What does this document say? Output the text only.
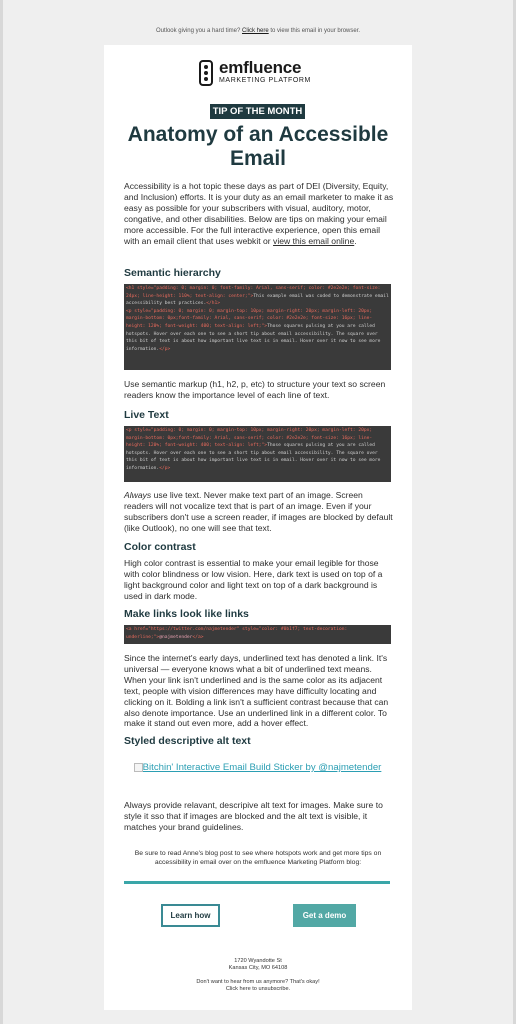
Outlook giving you a hard time? Click here to view this email in your browser.
emfluence
MARKETING PLATFORM
TIP OF THE MONTH
Anatomy of an Accessible Email

Accessibility is a hot topic these days as part of DEI (Diversity, Equity, and Inclusion) efforts. It is your duty as an email marketer to make it as easy as possible for your subscribers with visual, auditory, motor, congative, and other disabilities. Below are tips on making your email more accessible. For the full interactive experience, open this email with an email client that uses webkit or view this email online.

Semantic hierarchy
<h1 style="padding: 0; margin: 0; font-family: Arial, sans-serif; color: #2e2e2e; font-size: 24px; line-height: 110%; text-align: center;">This example email was coded to demonstrate email accessibility best practices.</h1>
<p style="padding: 0; margin: 0; margin-top: 10px; margin-right: 20px; margin-left: 20px; margin-bottom: 0px;font-family: Arial, sans-serif; color: #2e2e2e; font-size: 16px; line-height: 120%; font-weight: 400; text-align: left;">Those squares pulsing at you are called hotspots. Hover over each one to see a short tip about email accessibility. The square over this bit of text is about how important live text is in email. Hover over it now to see more information.</p>

Use semantic markup (h1, h2, p, etc) to structure your text so screen readers know the importance level of each line of text.

Live Text
<p style="padding: 0; margin: 0; margin-top: 10px; margin-right: 20px; margin-left: 20px; margin-bottom: 0px;font-family: Arial, sans-serif; color: #2e2e2e; font-size: 16px; line-height: 120%; font-weight: 400; text-align: left;">Those squares pulsing at you are called hotspots. Hover over each one to see a short tip about email accessibility. The square over this bit of text is about how important live text is in email. Hover over it now to see more information.</p>

Always use live text. Never make text part of an image. Screen readers will not vocalize text that is part of an image. Even if your subscribers don't use a screen reader, if images are blocked by default (like Outlook), no one will see that text.

Color contrast

High color contrast is essential to make your email legible for those with color blindness or low vision. Here, dark text is used on top of a light background color and light text on top of a dark background is used in dark mode.

Make links look like links
<a href="https://twitter.com/najmetender" style="color: #0b1f7; text-decoration: underline;">@najmetender</a>

Since the internet's early days, underlined text has denoted a link. It's universal — everyone knows what a bit of underlined text means. When your link isn't underlined and is the same color as its adjacent text, people with vision differences may have difficulty locating and clicking on it. Bolding a link isn't a sufficient contrast because that can also denote importance. Use an underlined link in a different color. To make it stand out even more, add a hover effect.

Styled descriptive alt text
Bitchin' Interactive Email Build Sticker by @najmetender

Always provide relavant, descripive alt text for images. Make sure to style it sso that if images are blocked and the alt text is visible, it matches your brand guidelines.

Be sure to read Anne's blog post to see where hotspots work and get more tips on accessibility in email over on the emfluence Marketing Platform blog:

Learn how	Get a demo
1720 Wyandotte St
Kansas City, MO 64108
Don't want to hear from us anymore? That's okay!
Click here to unsubscribe.
